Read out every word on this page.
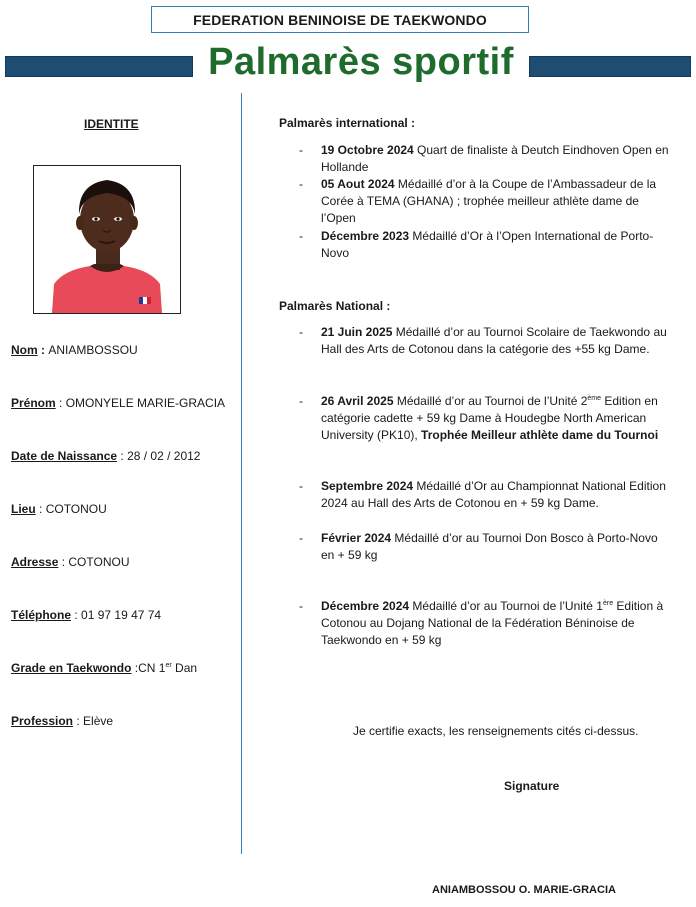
FEDERATION BENINOISE DE TAEKWONDO
Palmarès sportif
IDENTITE
Nom : ANIAMBOSSOU
Prénom : OMONYELE MARIE-GRACIA
Date de Naissance : 28 / 02 / 2012
Lieu : COTONOU
Adresse : COTONOU
Téléphone : 01 97 19 47 74
Grade en Taekwondo :CN 1er Dan
Profession : Elève
Palmarès international :
- 19 Octobre 2024 Quart de finaliste à Deutch Eindhoven Open en Hollande
- 05 Aout 2024 Médaillé d’or à la Coupe de l’Ambassadeur de la Corée à TEMA (GHANA) ; trophée meilleur athlète dame de l’Open
- Décembre 2023 Médaillé d’Or à l’Open International de Porto-Novo
Palmarès National :
- 21 Juin 2025 Médaillé d’or au Tournoi Scolaire de Taekwondo au Hall des Arts de Cotonou dans la catégorie des +55 kg Dame.
- 26 Avril 2025 Médaillé d’or au Tournoi de l’Unité 2ème Edition en catégorie cadette + 59 kg Dame à Houdegbe North American University (PK10), Trophée Meilleur athlète dame du Tournoi
- Septembre 2024 Médaillé d’Or au Championnat National Edition 2024 au Hall des Arts de Cotonou en + 59 kg Dame.
- Février 2024 Médaillé d’or au Tournoi Don Bosco à Porto-Novo en + 59 kg
- Décembre 2024 Médaillé d’or au Tournoi de l’Unité 1ère Edition à Cotonou au Dojang National de la Fédération Béninoise de Taekwondo en + 59 kg
Je certifie exacts, les renseignements cités ci-dessus.
Signature
ANIAMBOSSOU O. MARIE-GRACIA
